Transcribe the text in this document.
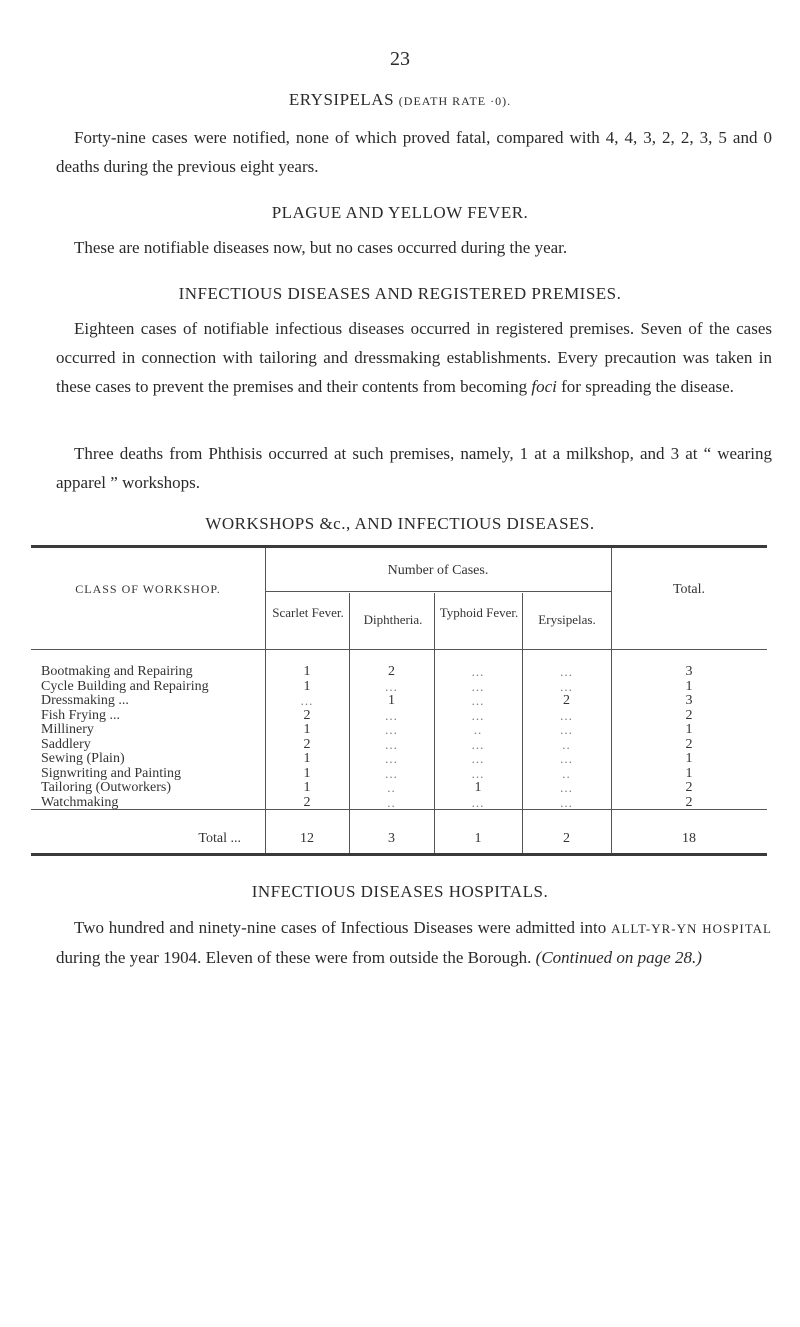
23
ERYSIPELAS (DEATH RATE ·0).
Forty-nine cases were notified, none of which proved fatal, compared with 4, 4, 3, 2, 2, 3, 5 and 0 deaths during the previous eight years.
PLAGUE AND YELLOW FEVER.
These are notifiable diseases now, but no cases occurred during the year.
INFECTIOUS DISEASES AND REGISTERED PREMISES.
Eighteen cases of notifiable infectious diseases occurred in registered premises. Seven of the cases occurred in connection with tailoring and dressmaking establishments. Every precaution was taken in these cases to prevent the premises and their contents from becoming foci for spreading the disease.
Three deaths from Phthisis occurred at such premises, namely, 1 at a milkshop, and 3 at “ wearing apparel ” workshops.
WORKSHOPS &c., AND INFECTIOUS DISEASES.
CLASS OF WORKSHOP.
Number of Cases.
Total.
Scarlet Fever.	Diphtheria.	Typhoid Fever.	Erysipelas.
Bootmaking and Repairing	1	2	...	...	3
Cycle Building and Repairing	1	...	...	...	1
Dressmaking ...	...	1	...	2	3
Fish Frying ...	2	...	...	...	2
Millinery	1	...	..	...	1
Saddlery	2	...	...	..	2
Sewing (Plain)	1	...	...	...	1
Signwriting and Painting	1	...	...	..	1
Tailoring (Outworkers)	1	..	1	...	2
Watchmaking	2	..	...	...	2
Total ...	12	3	1	2	18
INFECTIOUS DISEASES HOSPITALS.
Two hundred and ninety-nine cases of Infectious Diseases were admitted into ALLT-YR-YN HOSPITAL during the year 1904. Eleven of these were from outside the Borough. (Continued on page 28.)
